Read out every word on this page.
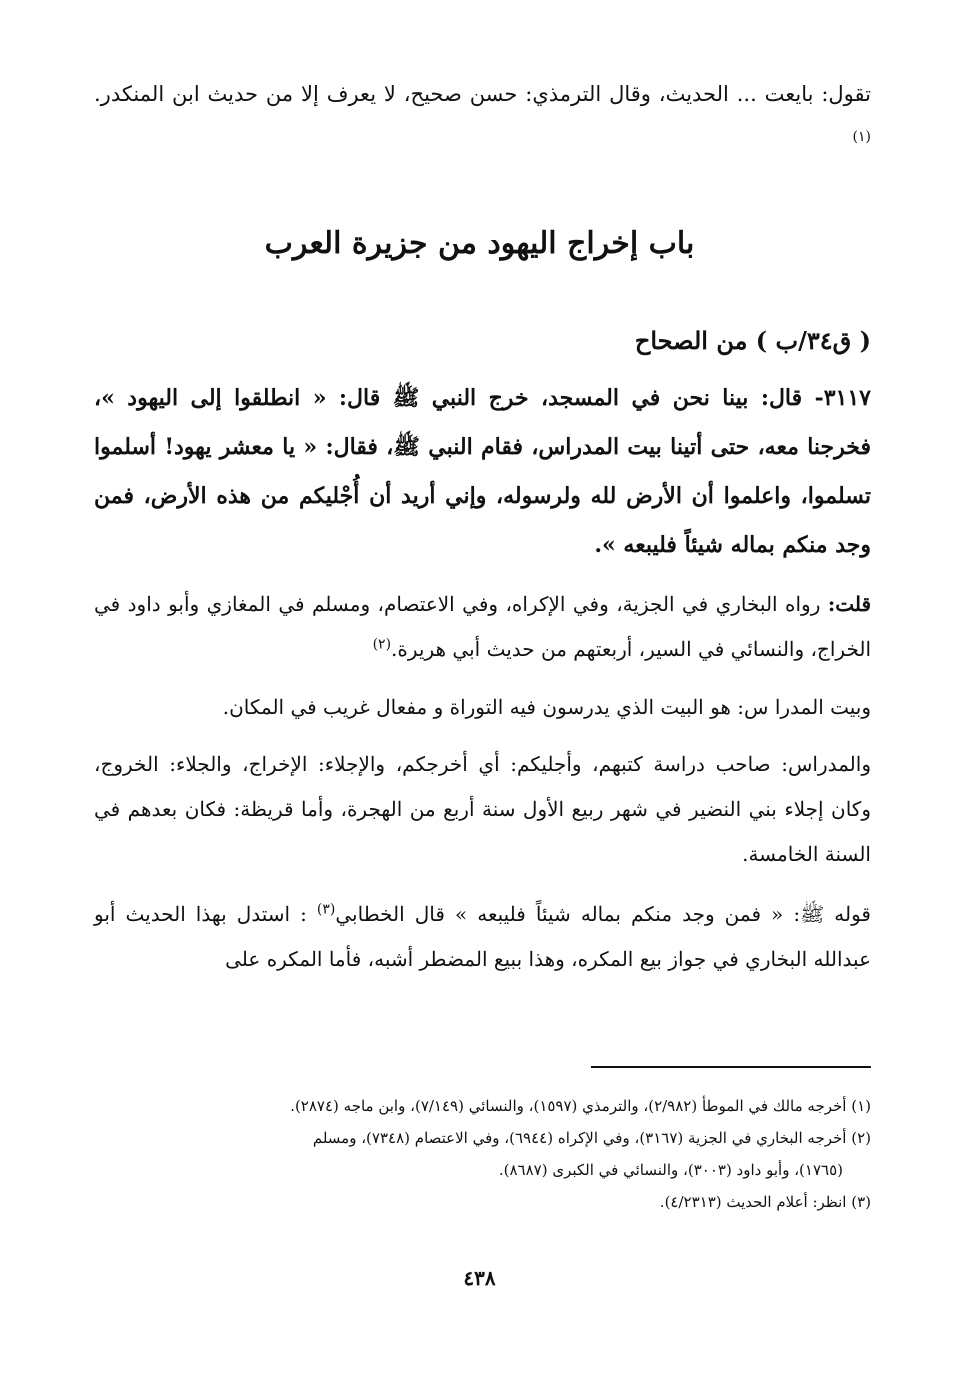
تقول: بايعت ... الحديث، وقال الترمذي: حسن صحيح، لا يعرف إلا من حديث ابن المنكدر.$^{(١)}$
باب إخراج اليهود من جزيرة العرب
( ق٣٤/ب ) من الصحاح
٣١١٧- قال: بينا نحن في المسجد، خرج النبي ﷺ قال: « انطلقوا إلى اليهود »، فخرجنا معه، حتى أتينا بيت المدراس، فقام النبي ﷺ، فقال: « يا معشر يهود! أسلموا تسلموا، واعلموا أن الأرض لله ولرسوله، وإني أريد أن أُجْليكم من هذه الأرض، فمن وجد منكم بماله شيئاً فليبعه ».
قلت: رواه البخاري في الجزية، وفي الإكراه، وفي الاعتصام، ومسلم في المغازي وأبو داود في الخراج، والنسائي في السير، أربعتهم من حديث أبي هريرة.$^{(٢)}$
وبيت المدرا س: هو البيت الذي يدرسون فيه التوراة و مفعال غريب في المكان.
والمدراس: صاحب دراسة كتبهم، وأجليكم: أي أخرجكم، والإجلاء: الإخراج، والجلاء: الخروج، وكان إجلاء بني النضير في شهر ربيع الأول سنة أربع من الهجرة، وأما قريظة: فكان بعدهم في السنة الخامسة.
قوله ﷺ: « فمن وجد منكم بماله شيئاً فليبعه » قال الخطابي$^{(٣)}$ : استدل بهذا الحديث أبو عبدالله البخاري في جواز بيع المكره، وهذا ببيع المضطر أشبه، فأما المكره على
(١) أخرجه مالك في الموطأ (٢/٩٨٢)، والترمذي (١٥٩٧)، والنسائي (٧/١٤٩)، وابن ماجه (٢٨٧٤).
(٢) أخرجه البخاري في الجزية (٣١٦٧)، وفي الإكراه (٦٩٤٤)، وفي الاعتصام (٧٣٤٨)، ومسلم
(١٧٦٥)، وأبو داود (٣٠٠٣)، والنسائي في الكبرى (٨٦٨٧).
(٣) انظر: أعلام الحديث (٤/٢٣١٣).
٤٣٨
